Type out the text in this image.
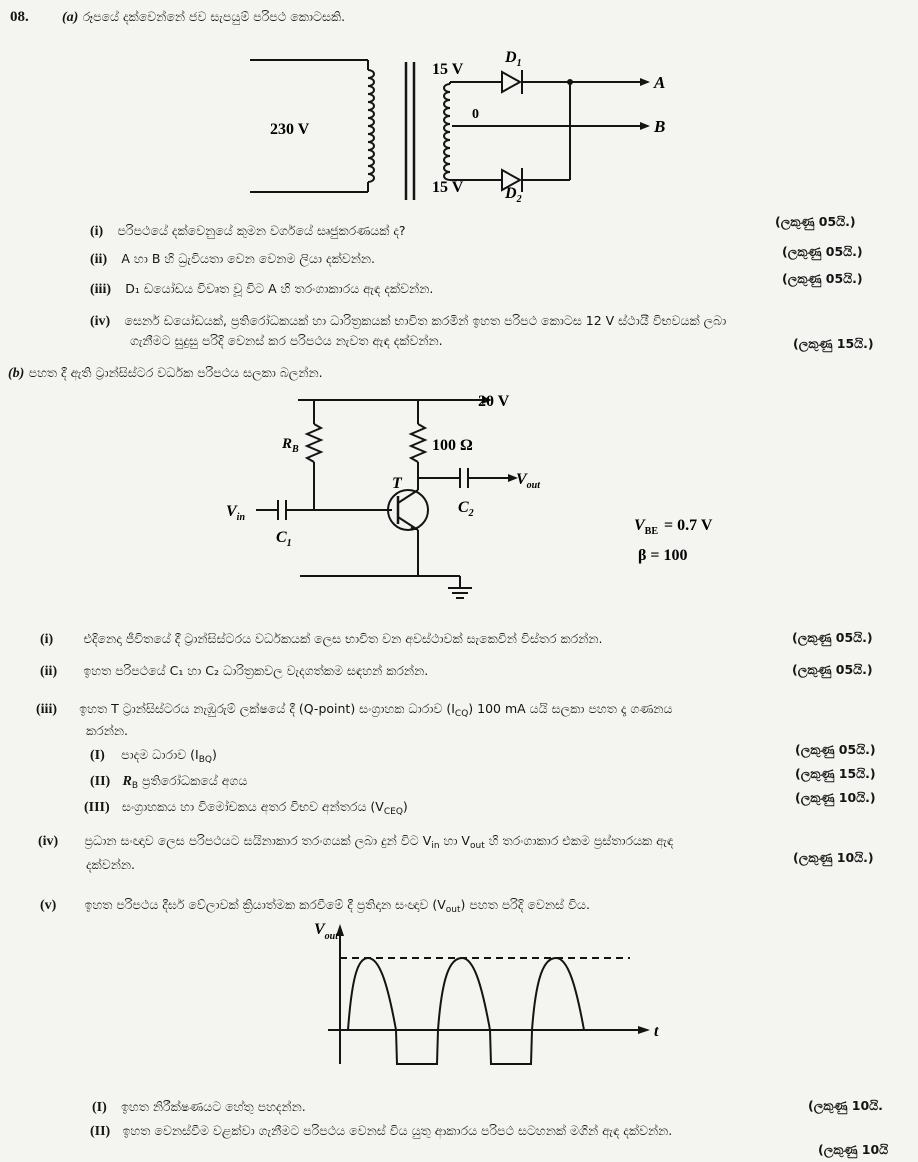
08. (a) රූපයේ දක්වෙන්නේ ජව සැපයුම් පරිපථ කොටසකි.
230 V
15 V
15 V
0
$D_1$
$D_2$
A
B
(i) පරිපථයේ දක්වෙනුයේ කුමන වර්ගයේ සෘජුකරණයක් ද?
(ලකුණු 05යි.)
(ii) A හා B හි ධ්‍රැවියතා වෙන වෙනම ලියා දක්වන්න.	(ලකුණු 05යි.)
(iii) D₁ ඩයෝඩය විවෘත වූ විට A හි තරංගාකාරය ඇඳ දක්වන්න.
(ලකුණු 05යි.)
(iv) සෙනර් ඩයෝඩයක්, ප්‍රතිරෝධකයක් හා ධාරිත්‍රකයක් භාවිත කරමින් ඉහත පරිපථ කොටස 12 V ස්ථායී විභවයක් ලබා
ගැනීමට සුදුසු පරිදි වෙනස් කර පරිපථය නැවත ඇඳ දක්වන්න.	(ලකුණු 15යි.)
(b) පහත දී ඇති ට්‍රාන්සිස්ටර වර්ධක පරිපථය සලකා බලන්න.
20 V
$R_B$	100 Ω
T	$V_{out}$
$V_{in}$
$C_1$
$C_2$
$V_{BE} = 0.7$ V
β = 100
(i) එදිනෙදා ජීවිතයේ දී ට්‍රාන්සිස්ටරය වර්ධකයක් ලෙස භාවිත වන අවස්ථාවක් සැකෙවින් විස්තර කරන්න.	(ලකුණු 05යි.)
(ii) ඉහත පරිපථයේ C₁ හා C₂ ධාරිත්‍රකවල වැදගත්කම සඳහන් කරන්න.	(ලකුණු 05යි.)
(iii) ඉහත T ට්‍රාන්සිස්ටරය නැඹුරුම් ලක්ෂයේ දී (Q-point) සංග්‍රාහක ධාරාව $(I_{CQ})$ 100 mA යයි සලකා පහත දෑ ගණනය
කරන්න.
(I) පාදම ධාරාව $(I_{BQ})$	(ලකුණු 05යි.)
(II) $R_B$ ප්‍රතිරෝධකයේ අගය	(ලකුණු 15යි.)
(III) සංග්‍රාහකය හා විමෝචකය අතර විභව අන්තරය $(V_{CEQ})$
(ලකුණු 10යි.)
(iv) ප්‍රධාන සංඥාව ලෙස පරිපථයට සයිනාකාර තරංගයක් ලබා දුන් විට $V_{in}$ හා $V_{out}$ හි තරංගාකාර එකම ප්‍රස්තාරයක ඇඳ
දක්වන්න.	(ලකුණු 10යි.)
(v) ඉහත පරිපථය දීර්ඝ වේලාවක් ක්‍රියාත්මක කරවීමේ දී ප්‍රතිදාන සංඥාව $(V_{out})$ පහත පරිදි වෙනස් විය.
$V_{out}$
t
(I) ඉහත නිරීක්ෂණයට හේතු පහදන්න.	(ලකුණු 10යි.
(II) ඉහත වෙනස්වීම වළක්වා ගැනීමට පරිපථය වෙනස් විය යුතු ආකාරය පරිපථ සටහනක් මගින් ඇඳ දක්වන්න.
(ලකුණු 10යි
